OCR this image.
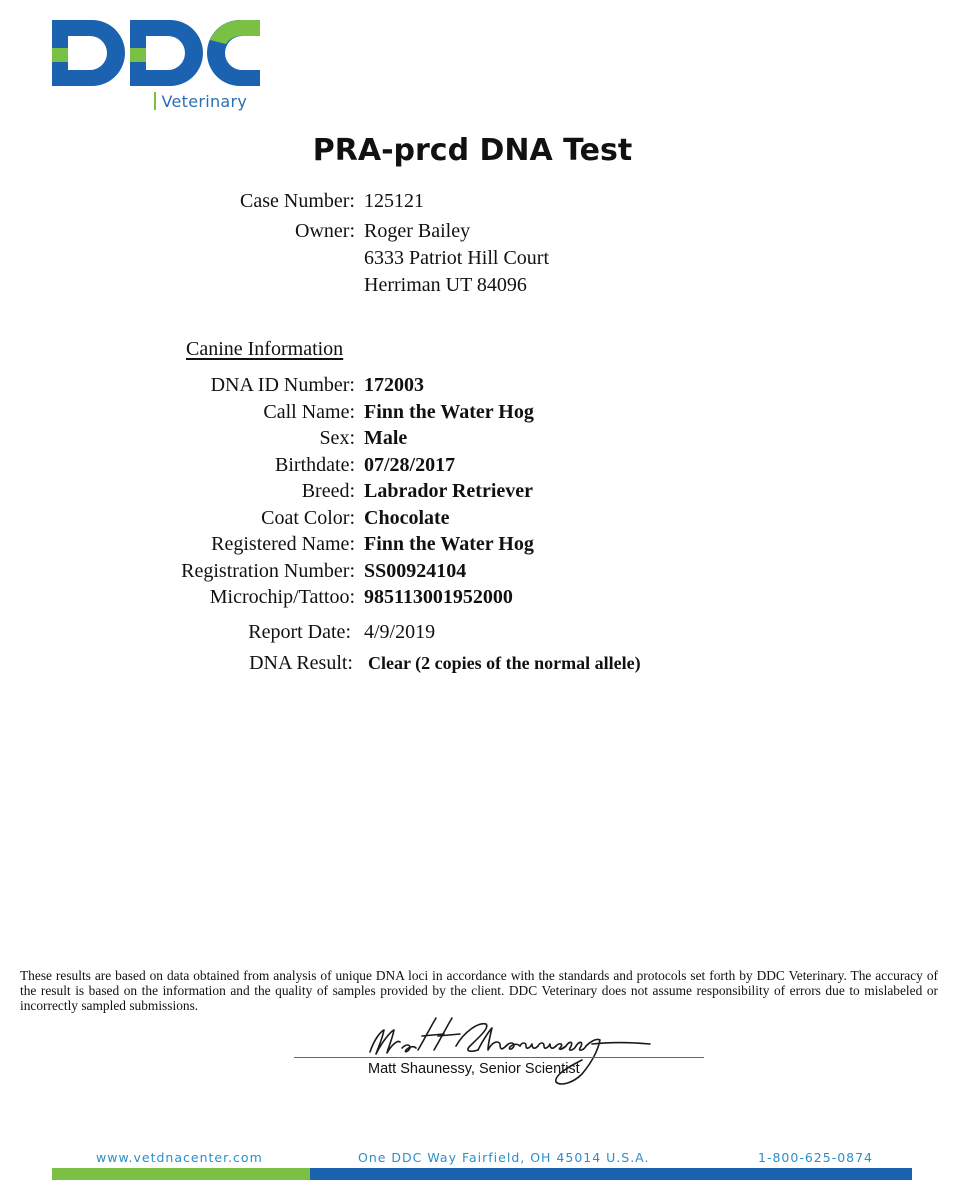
Veterinary
PRA-prcd DNA Test
Case Number: 125121
Owner: Roger Bailey
6333 Patriot Hill Court
Herriman UT 84096
Canine Information
DNA ID Number: 172003
Call Name: Finn the Water Hog
Sex: Male
Birthdate: 07/28/2017
Breed: Labrador Retriever
Coat Color: Chocolate
Registered Name: Finn the Water Hog
Registration Number: SS00924104
Microchip/Tattoo: 985113001952000
Report Date: 4/9/2019
DNA Result: Clear (2 copies of the normal allele)
These results are based on data obtained from analysis of unique DNA loci in accordance with the standards and protocols set forth by DDC Veterinary. The accuracy of the result is based on the information and the quality of samples provided by the client. DDC Veterinary does not assume responsibility of errors due to mislabeled or incorrectly sampled submissions.
Matt Shaunessy, Senior Scientist
www.vetdnacenter.com	One DDC Way Fairfield, OH 45014 U.S.A.	1-800-625-0874
